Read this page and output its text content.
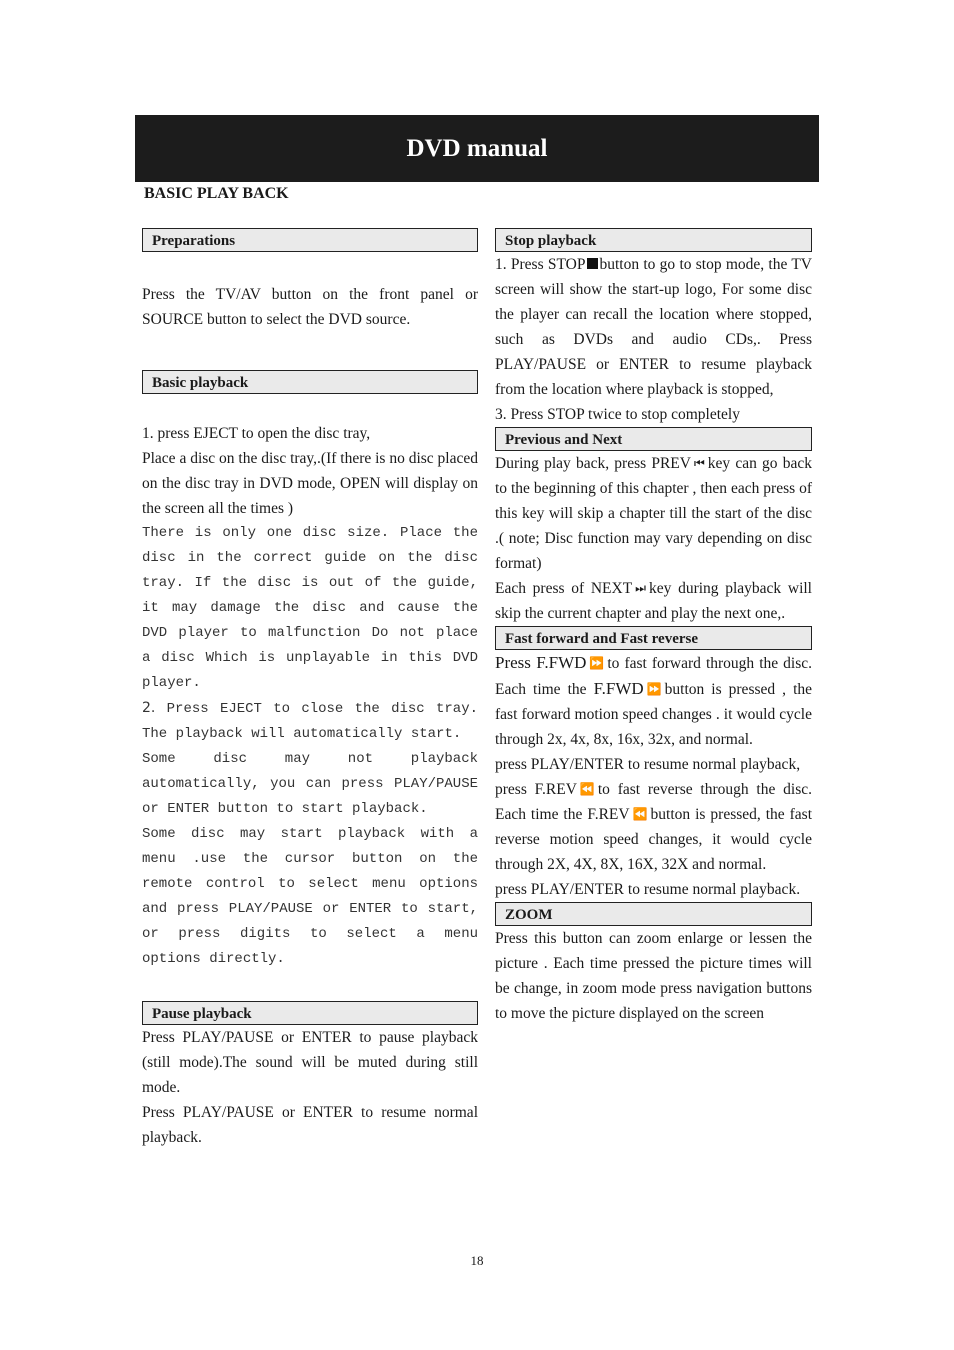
DVD manual
BASIC PLAY BACK
Preparations

Press the TV/AV button on the front panel or SOURCE button to select the DVD source.

Basic playback

1. press EJECT to open the disc tray,

Place a disc on the disc tray,.(If there is no disc placed on the disc tray in DVD mode, OPEN will display on the screen all the times )

There is only one disc size. Place the disc in the correct guide on the disc tray. If the disc is out of the guide, it may damage the disc and cause the DVD player to malfunction Do not place a disc Which is unplayable in this DVD player.

2. Press EJECT to close the disc tray. The playback will automatically start.

Some disc may not playback automatically, you can press PLAY/PAUSE or ENTER button to start playback.

Some disc may start playback with a menu .use the cursor button on the remote control to select menu options and press PLAY/PAUSE or ENTER to start, or press digits to select a menu options directly.

Pause playback

Press PLAY/PAUSE or ENTER to pause playback (still mode).The sound will be muted during still mode.

Press PLAY/PAUSE or ENTER to resume normal playback.

Stop playback

1. Press STOP button to go to stop mode, the TV screen will show the start-up logo, For some disc the player can recall the location where stopped, such as DVDs and audio CDs,. Press PLAY/PAUSE or ENTER to resume playback from the location where playback is stopped,

3. Press STOP twice to stop completely

Previous and Next

During play back, press PREV ⏮ key can go back to the beginning of this chapter , then each press of this key will skip a chapter till the start of the disc .( note; Disc function may vary depending on disc format)

Each press of NEXT ⏭ key during playback will skip the current chapter and play the next one,.

Fast forward and Fast reverse

Press F.FWD ⏩ to fast forward through the disc. Each time the F.FWD ⏩ button is pressed , the fast forward motion speed changes . it would cycle through 2x, 4x, 8x, 16x, 32x, and normal.

press PLAY/ENTER to resume normal playback,

press F.REV ⏪ to fast reverse through the disc. Each time the F.REV ⏪ button is pressed, the fast reverse motion speed changes, it would cycle through 2X, 4X, 8X, 16X, 32X and normal.

press PLAY/ENTER to resume normal playback.

ZOOM

Press this button can zoom enlarge or lessen the picture . Each time pressed the picture times will be change, in zoom mode press navigation buttons to move the picture displayed on the screen

18
